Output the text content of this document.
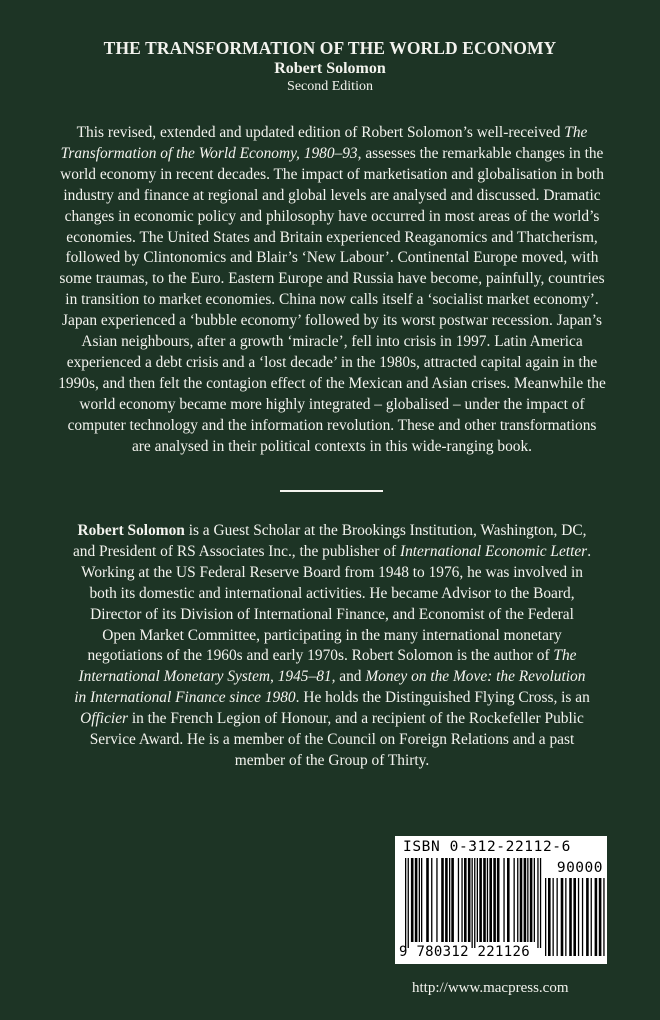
THE TRANSFORMATION OF THE WORLD ECONOMY
Robert Solomon
Second Edition
This revised, extended and updated edition of Robert Solomon’s well-received The Transformation of the World Economy, 1980–93, assesses the remarkable changes in the world economy in recent decades. The impact of marketisation and globalisation in both industry and finance at regional and global levels are analysed and discussed. Dramatic changes in economic policy and philosophy have occurred in most areas of the world’s economies. The United States and Britain experienced Reaganomics and Thatcherism, followed by Clintonomics and Blair’s ‘New Labour’. Continental Europe moved, with some traumas, to the Euro. Eastern Europe and Russia have become, painfully, countries in transition to market economies. China now calls itself a ‘socialist market economy’. Japan experienced a ‘bubble economy’ followed by its worst postwar recession. Japan’s Asian neighbours, after a growth ‘miracle’, fell into crisis in 1997. Latin America experienced a debt crisis and a ‘lost decade’ in the 1980s, attracted capital again in the 1990s, and then felt the contagion effect of the Mexican and Asian crises. Meanwhile the world economy became more highly integrated – globalised – under the impact of computer technology and the information revolution. These and other transformations are analysed in their political contexts in this wide-ranging book.
Robert Solomon is a Guest Scholar at the Brookings Institution, Washington, DC, and President of RS Associates Inc., the publisher of International Economic Letter. Working at the US Federal Reserve Board from 1948 to 1976, he was involved in both its domestic and international activities. He became Advisor to the Board, Director of its Division of International Finance, and Economist of the Federal Open Market Committee, participating in the many international monetary negotiations of the 1960s and early 1970s. Robert Solomon is the author of The International Monetary System, 1945–81, and Money on the Move: the Revolution in International Finance since 1980. He holds the Distinguished Flying Cross, is an Officier in the French Legion of Honour, and a recipient of the Rockefeller Public Service Award. He is a member of the Council on Foreign Relations and a past member of the Group of Thirty.
ISBN 0-312-22112-6
90000
9 780312 221126
http://www.macpress.com
